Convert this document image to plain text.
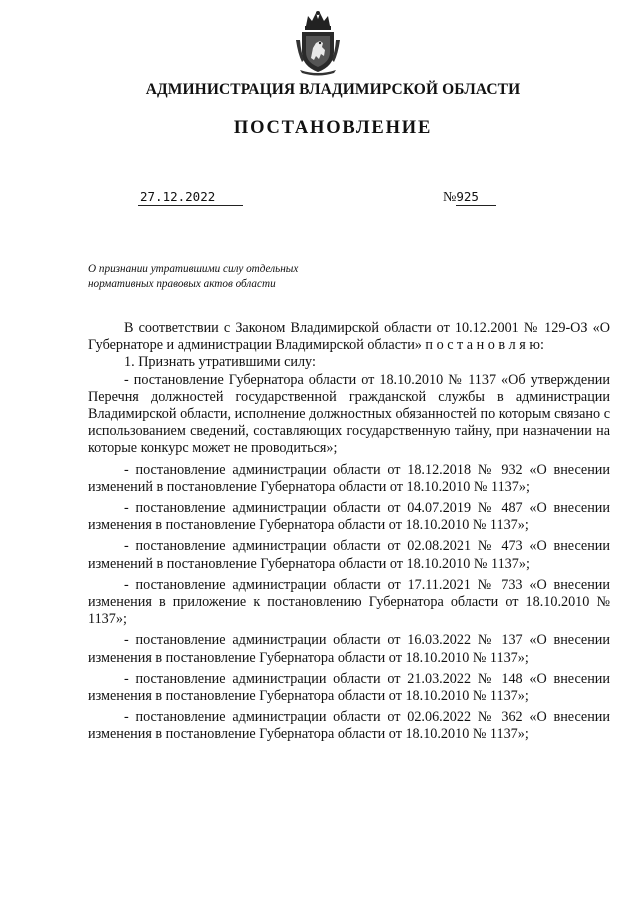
АДМИНИСТРАЦИЯ ВЛАДИМИРСКОЙ ОБЛАСТИ
ПОСТАНОВЛЕНИЕ
27.12.2022	№925
О признании утратившими силу отдельных
нормативных правовых актов области

В соответствии с Законом Владимирской области от 10.12.2001 № 129-ОЗ «О Губернаторе и администрации Владимирской области» п о с т а н о в л я ю:

1. Признать утратившими силу:

- постановление Губернатора области от 18.10.2010 № 1137 «Об утверждении Перечня должностей государственной гражданской службы в администрации Владимирской области, исполнение должностных обязанностей по которым связано с использованием сведений, составляющих государственную тайну, при назначении на которые конкурс может не проводиться»;

- постановление администрации области от 18.12.2018 № 932 «О внесении изменений в постановление Губернатора области от 18.10.2010 № 1137»;

- постановление администрации области от 04.07.2019 № 487 «О внесении изменения в постановление Губернатора области от 18.10.2010 № 1137»;

- постановление администрации области от 02.08.2021 № 473 «О внесении изменений в постановление Губернатора области от 18.10.2010 № 1137»;

- постановление администрации области от 17.11.2021 № 733 «О внесении изменения в приложение к постановлению Губернатора области от 18.10.2010 № 1137»;

- постановление администрации области от 16.03.2022 № 137 «О внесении изменения в постановление Губернатора области от 18.10.2010 № 1137»;

- постановление администрации области от 21.03.2022 № 148 «О внесении изменения в постановление Губернатора области от 18.10.2010 № 1137»;

- постановление администрации области от 02.06.2022 № 362 «О внесении изменения в постановление Губернатора области от 18.10.2010 № 1137»;
